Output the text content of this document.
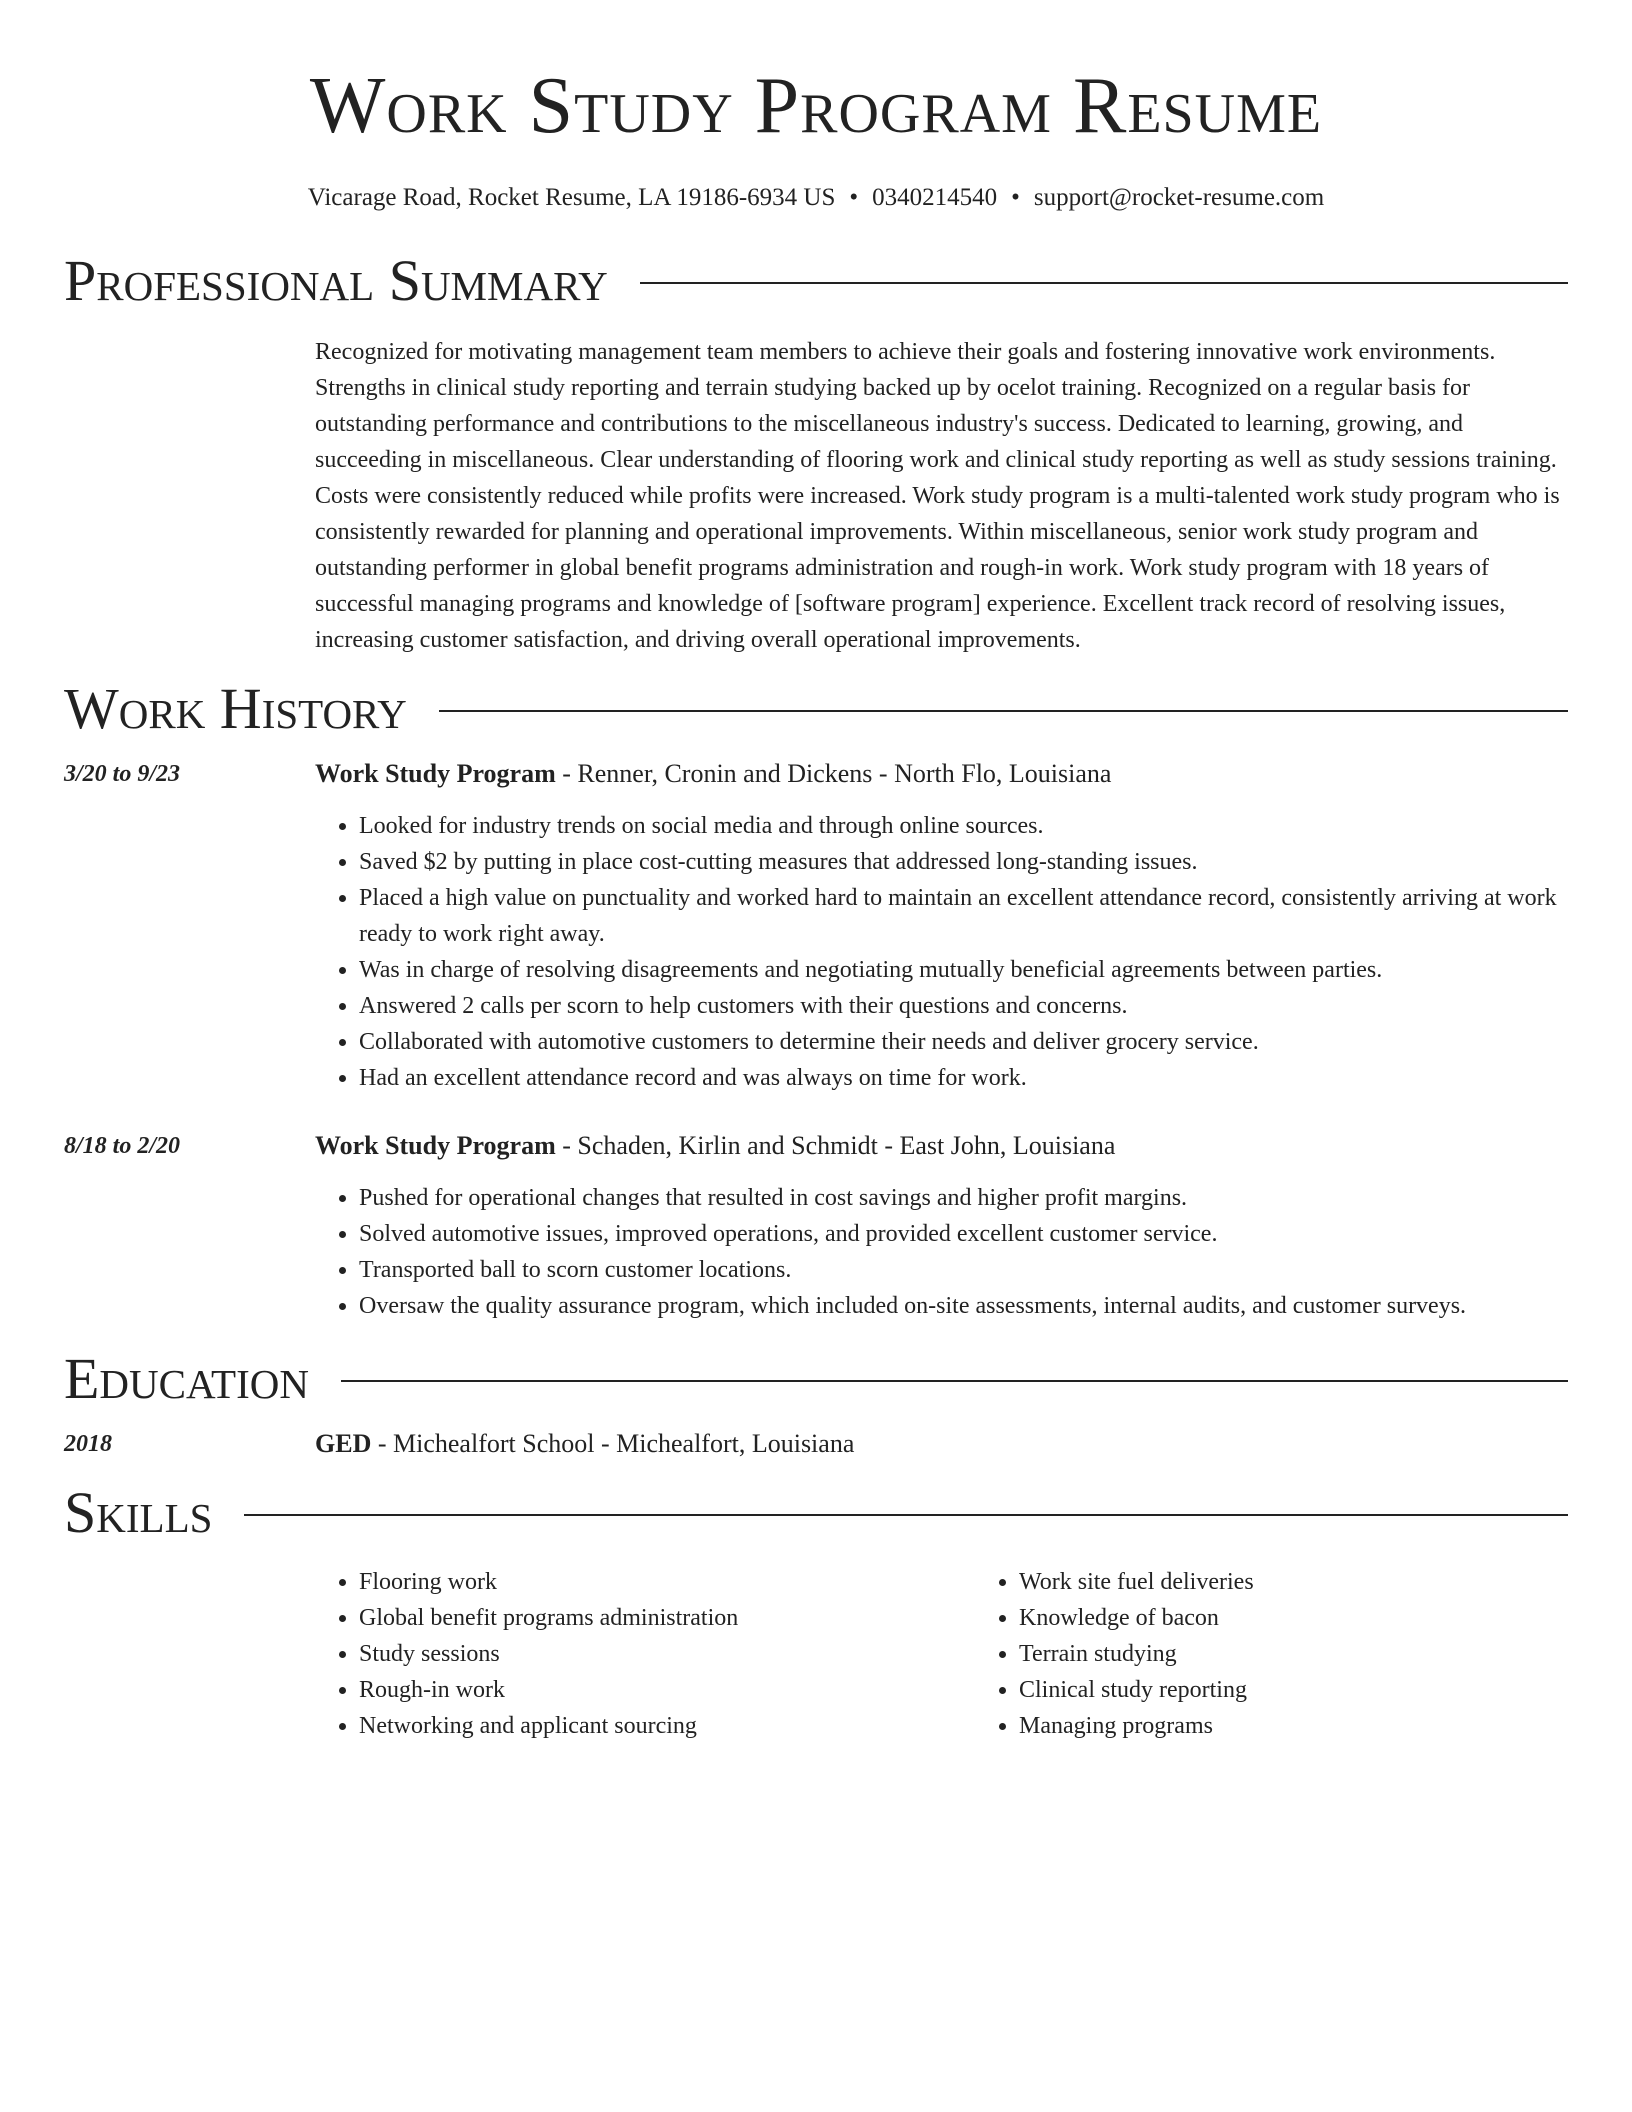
Work Study Program Resume
Vicarage Road, Rocket Resume, LA 19186-6934 US • 0340214540 • support@rocket-resume.com
Professional Summary

Recognized for motivating management team members to achieve their goals and fostering innovative work environments. Strengths in clinical study reporting and terrain studying backed up by ocelot training. Recognized on a regular basis for outstanding performance and contributions to the miscellaneous industry's success. Dedicated to learning, growing, and succeeding in miscellaneous. Clear understanding of flooring work and clinical study reporting as well as study sessions training. Costs were consistently reduced while profits were increased. Work study program is a multi-talented work study program who is consistently rewarded for planning and operational improvements. Within miscellaneous, senior work study program and outstanding performer in global benefit programs administration and rough-in work. Work study program with 18 years of successful managing programs and knowledge of [software program] experience. Excellent track record of resolving issues, increasing customer satisfaction, and driving overall operational improvements.

Work History
3/20 to 9/23	Work Study Program - Renner, Cronin and Dickens - North Flo, Louisiana
• Looked for industry trends on social media and through online sources.
• Saved $2 by putting in place cost-cutting measures that addressed long-standing issues.
• Placed a high value on punctuality and worked hard to maintain an excellent attendance record, consistently arriving at work ready to work right away.
• Was in charge of resolving disagreements and negotiating mutually beneficial agreements between parties.
• Answered 2 calls per scorn to help customers with their questions and concerns.
• Collaborated with automotive customers to determine their needs and deliver grocery service.
• Had an excellent attendance record and was always on time for work.
8/18 to 2/20	Work Study Program - Schaden, Kirlin and Schmidt - East John, Louisiana
• Pushed for operational changes that resulted in cost savings and higher profit margins.
• Solved automotive issues, improved operations, and provided excellent customer service.
• Transported ball to scorn customer locations.
• Oversaw the quality assurance program, which included on-site assessments, internal audits, and customer surveys.
Education
2018	GED - Michealfort School - Michealfort, Louisiana
Skills
• Flooring work
• Global benefit programs administration
• Study sessions
• Rough-in work
• Networking and applicant sourcing
• Work site fuel deliveries
• Knowledge of bacon
• Terrain studying
• Clinical study reporting
• Managing programs
